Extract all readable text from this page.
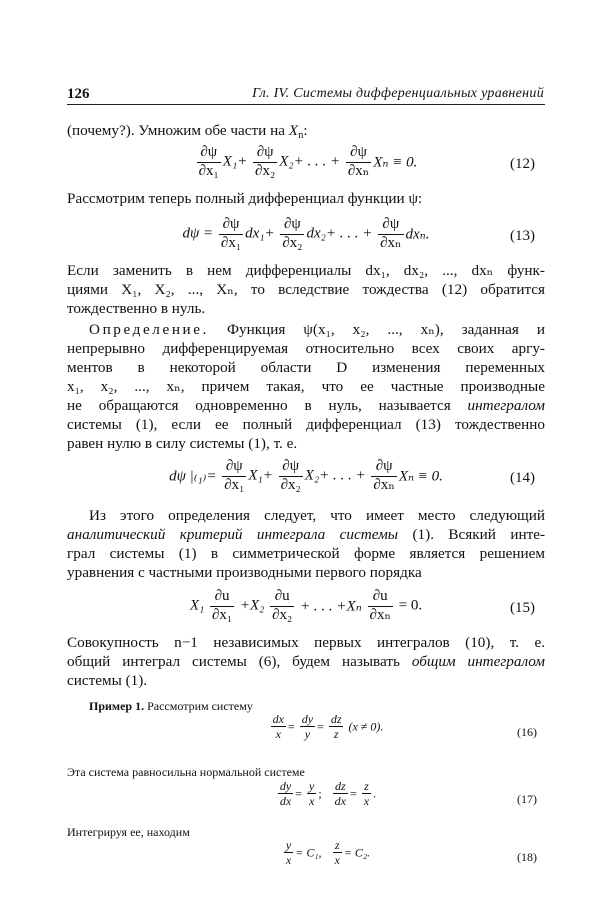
126	Гл. IV. Системы дифференциальных уравнений
(почему?). Умножим обе части на $X_n$:
$\frac{\partial\psi}{\text{∂x₁}} X_1+ \frac{\partial\psi}{\text{∂x₂}} X_2+$ . . . + $\frac{\partial\psi}{\text{∂xₙ}}$ Xₙ ≡ 0.	(12)
Рассмотрим теперь полный дифференциал функции ψ:
$d\psi = \frac{\partial\psi}{\text{∂x₁}} dx_1+ \frac{\partial\psi}{\text{∂x₂}} dx_2+$ . . . + $\frac{\partial\psi}{\text{∂xₙ}} dx_n$.	(13)
Если заменить в нем дифференциалы dx₁, dx₂, ..., dxₙ функ-
циями X₁, X₂, ..., Xₙ, то вследствие тождества (12) обратится
тождественно в нуль.
Определение. Функция ψ(x₁, x₂, ..., xₙ), заданная и
непрерывно дифференцируемая относительно всех своих аргу-
ментов в некоторой области D изменения переменных
x₁, x₂, ..., xₙ, причем такая, что ее частные производные
не обращаются одновременно в нуль, называется интегралом
системы (1), если ее полный дифференциал (13) тождественно
равен нулю в силу системы (1), т. е.
dψ $|_{(1)}= \frac{\partial\psi}{\text{∂x₁}} X_1+ \frac{\partial\psi}{\text{∂x₂}} X_2+$ . . . + $\frac{\partial\psi}{\text{∂xₙ}}$ Xₙ ≡ 0.	(14)
Из этого определения следует, что имеет место следующий
аналитический критерий интеграла системы (1). Всякий инте-
грал системы (1) в симметрической форме является решением
уравнения с частными производными первого порядка
$X_1 \frac{\partial u}{\text{∂x₁}} +X_2 \frac{\partial u}{\text{∂x₂}}$ + . . . $+X_n \frac{\partial u}{\text{∂xₙ}} = 0$.	(15)
Совокупность n−1 независимых первых интегралов (10), т. е.
общий интеграл системы (6), будем называть общим интегралом
системы (1).
Пример 1. Рассмотрим систему
$\frac{dx}{x} = \frac{dy}{y} = \frac{dz}{z} (x \ne 0)$.	(16)
Эта система равносильна нормальной системе
$\frac{dy}{dx} = \frac{y}{x}$ ; $\frac{dz}{dx} = \frac{z}{x}$ .	(17)
Интегрируя ее, находим
$\frac{y}{x} = C_1$, $\frac{z}{x} = C_2$.	(18)
